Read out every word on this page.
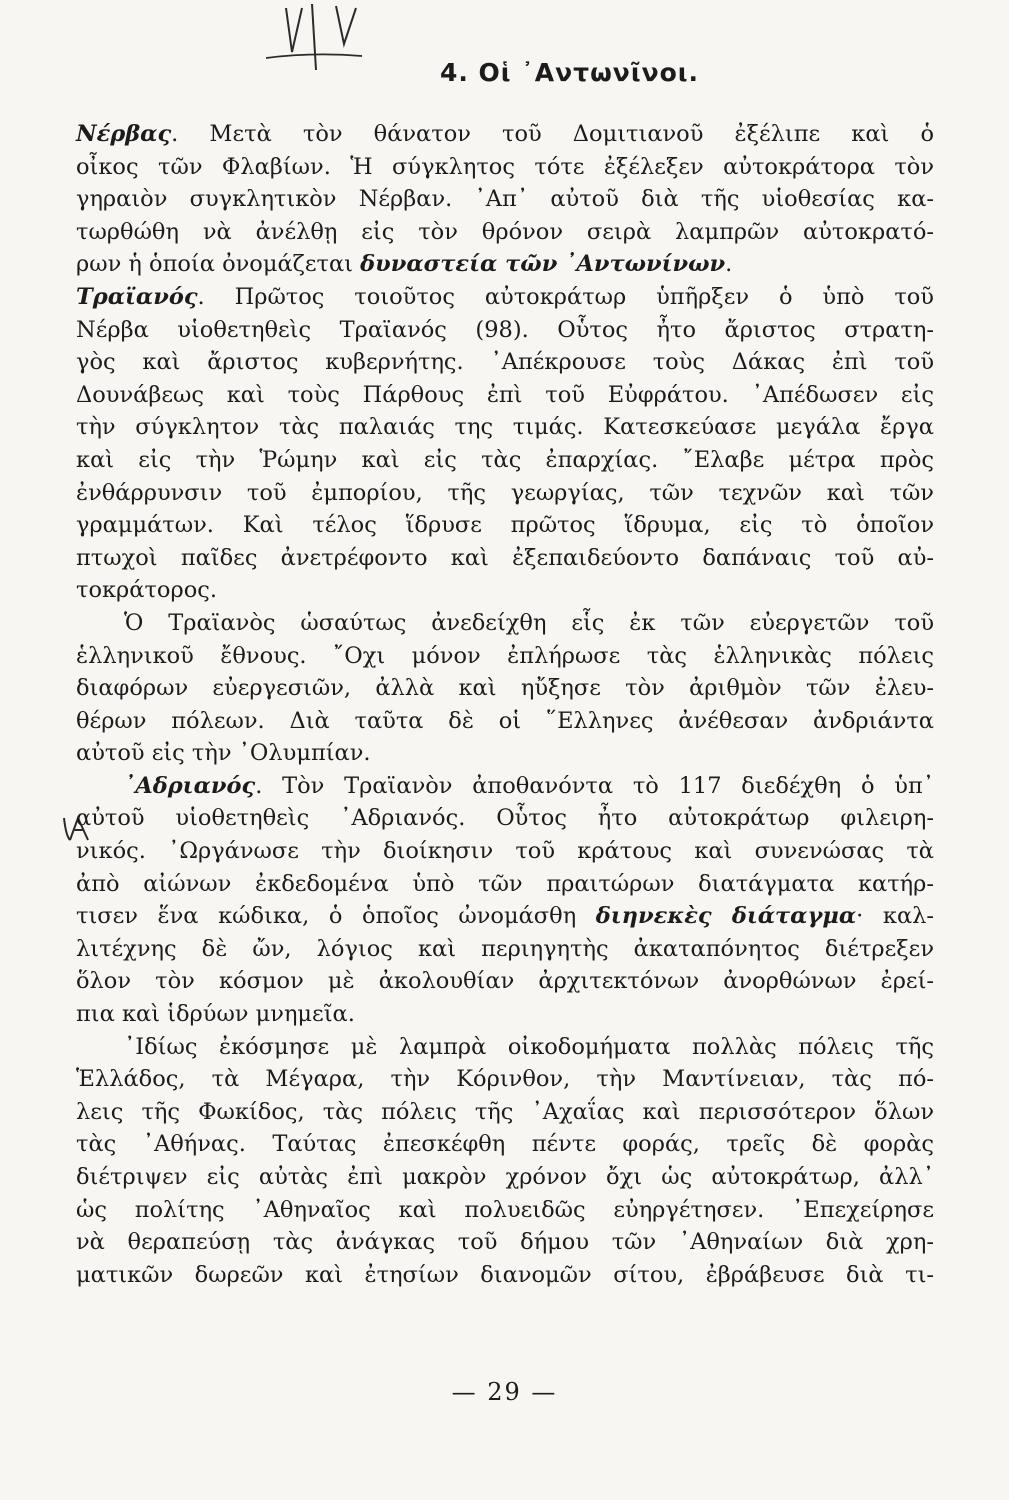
V/V
4. Οἱ ᾿Αντωνῖνοι.
Α
Νέρβας. Μετὰ τὸν θάνατον τοῦ Δομιτιανοῦ ἐξέλιπε καὶ ὁ
οἶκος τῶν Φλαβίων. Ἡ σύγκλητος τότε ἐξέλεξεν αὐτοκράτορα τὸν
γηραιὸν συγκλητικὸν Νέρβαν. ᾿Απ᾿ αὐτοῦ διὰ τῆς υἱοθεσίας κα-
τωρθώθη νὰ ἀνέλθῃ εἰς τὸν θρόνον σειρὰ λαμπρῶν αὐτοκρατό-
ρων ἡ ὁποία ὀνομάζεται δυναστεία τῶν ᾿Αντωνίνων.
Τραϊανός. Πρῶτος τοιοῦτος αὐτοκράτωρ ὑπῆρξεν ὁ ὑπὸ τοῦ
Νέρβα υἱοθετηθεὶς Τραϊανός (98). Οὗτος ἦτο ἄριστος στρατη-
γὸς καὶ ἄριστος κυβερνήτης. ᾿Απέκρουσε τοὺς Δάκας ἐπὶ τοῦ
Δουνάβεως καὶ τοὺς Πάρθους ἐπὶ τοῦ Εὐφράτου. ᾿Απέδωσεν εἰς
τὴν σύγκλητον τὰς παλαιάς της τιμάς. Κατεσκεύασε μεγάλα ἔργα
καὶ εἰς τὴν Ῥώμην καὶ εἰς τὰς ἐπαρχίας. ῎Ελαβε μέτρα πρὸς
ἐνθάρρυνσιν τοῦ ἐμπορίου, τῆς γεωργίας, τῶν τεχνῶν καὶ τῶν
γραμμάτων. Καὶ τέλος ἵδρυσε πρῶτος ἵδρυμα, εἰς τὸ ὁποῖον
πτωχοὶ παῖδες ἀνετρέφοντο καὶ ἐξεπαιδεύοντο δαπάναις τοῦ αὐ-
τοκράτορος.
Ὁ Τραϊανὸς ὡσαύτως ἀνεδείχθη εἷς ἐκ τῶν εὐεργετῶν τοῦ
ἑλληνικοῦ ἔθνους. ῎Οχι μόνον ἐπλήρωσε τὰς ἑλληνικὰς πόλεις
διαφόρων εὐεργεσιῶν, ἀλλὰ καὶ ηὔξησε τὸν ἀριθμὸν τῶν ἐλευ-
θέρων πόλεων. Διὰ ταῦτα δὲ οἱ ῞Ελληνες ἀνέθεσαν ἀνδριάντα
αὐτοῦ εἰς τὴν ᾿Ολυμπίαν.
᾿Αδριανός. Τὸν Τραϊανὸν ἀποθανόντα τὸ 117 διεδέχθη ὁ ὑπ᾿
αὐτοῦ υἱοθετηθεὶς ᾿Αδριανός. Οὗτος ἦτο αὐτοκράτωρ φιλειρη-
νικός. ᾿Ωργάνωσε τὴν διοίκησιν τοῦ κράτους καὶ συνενώσας τὰ
ἀπὸ αἰώνων ἐκδεδομένα ὑπὸ τῶν πραιτώρων διατάγματα κατήρ-
τισεν ἕνα κώδικα, ὁ ὁποῖος ὠνομάσθη διηνεκὲς διάταγμα· καλ-
λιτέχνης δὲ ὤν, λόγιος καὶ περιηγητὴς ἀκαταπόνητος διέτρεξεν
ὅλον τὸν κόσμον μὲ ἀκολουθίαν ἀρχιτεκτόνων ἀνορθώνων ἐρεί-
πια καὶ ἱδρύων μνημεῖα.
᾿Ιδίως ἐκόσμησε μὲ λαμπρὰ οἰκοδομήματα πολλὰς πόλεις τῆς
Ἑλλάδος, τὰ Μέγαρα, τὴν Κόρινθον, τὴν Μαντίνειαν, τὰς πό-
λεις τῆς Φωκίδος, τὰς πόλεις τῆς ᾿Αχαΐας καὶ περισσότερον ὅλων
τὰς ᾿Αθήνας. Ταύτας ἐπεσκέφθη πέντε φοράς, τρεῖς δὲ φορὰς
διέτριψεν εἰς αὐτὰς ἐπὶ μακρὸν χρόνον ὄχι ὡς αὐτοκράτωρ, ἀλλ᾿
ὡς πολίτης ᾿Αθηναῖος καὶ πολυειδῶς εὐηργέτησεν. ᾿Επεχείρησε
νὰ θεραπεύσῃ τὰς ἀνάγκας τοῦ δήμου τῶν ᾿Αθηναίων διὰ χρη-
ματικῶν δωρεῶν καὶ ἐτησίων διανομῶν σίτου, ἐβράβευσε διὰ τι-
— 29 —
